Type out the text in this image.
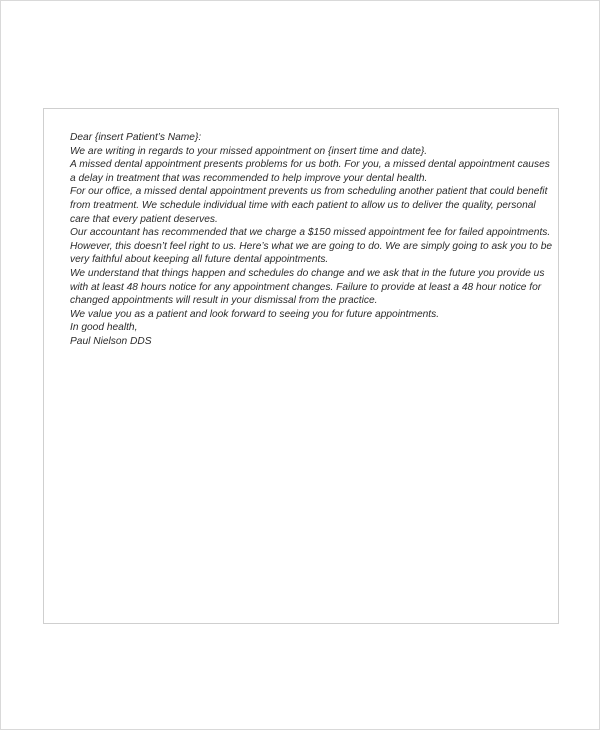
Dear {insert Patient’s Name}:

We are writing in regards to your missed appointment on {insert time and date}.

A missed dental appointment presents problems for us both. For you, a missed dental appointment causes a delay in treatment that was recommended to help improve your dental health.

For our office, a missed dental appointment prevents us from scheduling another patient that could benefit from treatment. We schedule individual time with each patient to allow us to deliver the quality, personal care that every patient deserves.

Our accountant has recommended that we charge a $150 missed appointment fee for failed appointments. However, this doesn’t feel right to us. Here’s what we are going to do. We are simply going to ask you to be very faithful about keeping all future dental appointments.

We understand that things happen and schedules do change and we ask that in the future you provide us with at least 48 hours notice for any appointment changes. Failure to provide at least a 48 hour notice for changed appointments will result in your dismissal from the practice.

We value you as a patient and look forward to seeing you for future appointments.

In good health,

Paul Nielson DDS
